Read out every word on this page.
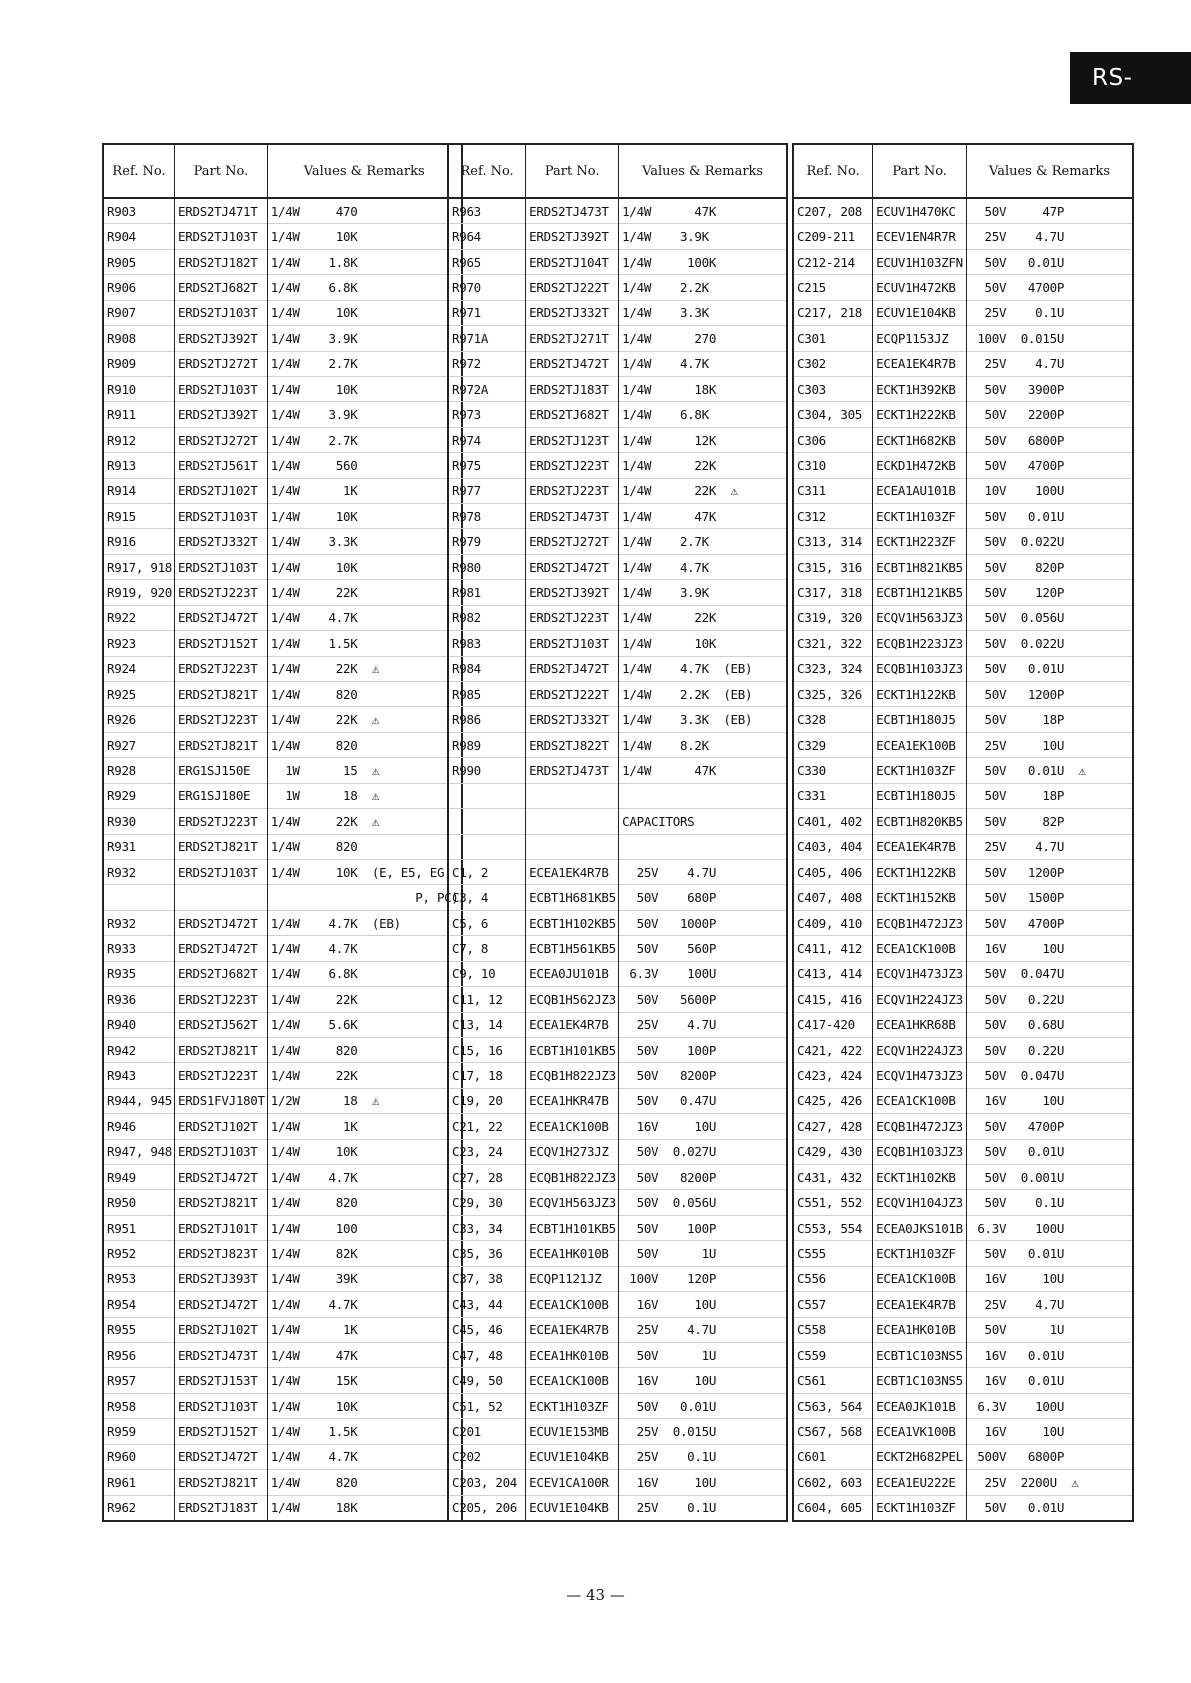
RS-B555
Ref. No.	Part No.	Values & Remarks
R903	ERDS2TJ471T	1/4W     470
R904	ERDS2TJ103T	1/4W     10K
R905	ERDS2TJ182T	1/4W    1.8K
R906	ERDS2TJ682T	1/4W    6.8K
R907	ERDS2TJ103T	1/4W     10K
R908	ERDS2TJ392T	1/4W    3.9K
R909	ERDS2TJ272T	1/4W    2.7K
R910	ERDS2TJ103T	1/4W     10K
R911	ERDS2TJ392T	1/4W    3.9K
R912	ERDS2TJ272T	1/4W    2.7K
R913	ERDS2TJ561T	1/4W     560
R914	ERDS2TJ102T	1/4W      1K
R915	ERDS2TJ103T	1/4W     10K
R916	ERDS2TJ332T	1/4W    3.3K
R917, 918	ERDS2TJ103T	1/4W     10K
R919, 920	ERDS2TJ223T	1/4W     22K
R922	ERDS2TJ472T	1/4W    4.7K
R923	ERDS2TJ152T	1/4W    1.5K
R924	ERDS2TJ223T	1/4W     22K  ⚠
R925	ERDS2TJ821T	1/4W     820
R926	ERDS2TJ223T	1/4W     22K  ⚠
R927	ERDS2TJ821T	1/4W     820
R928	ERG1SJ150E	1W      15  ⚠
R929	ERG1SJ180E	1W      18  ⚠
R930	ERDS2TJ223T	1/4W     22K  ⚠
R931	ERDS2TJ821T	1/4W     820
R932	ERDS2TJ103T	1/4W     10K  (E, E5, EG,
		P, PC)
R932	ERDS2TJ472T	1/4W    4.7K  (EB)
R933	ERDS2TJ472T	1/4W    4.7K
R935	ERDS2TJ682T	1/4W    6.8K
R936	ERDS2TJ223T	1/4W     22K
R940	ERDS2TJ562T	1/4W    5.6K
R942	ERDS2TJ821T	1/4W     820
R943	ERDS2TJ223T	1/4W     22K
R944, 945	ERDS1FVJ180T	1/2W      18  ⚠
R946	ERDS2TJ102T	1/4W      1K
R947, 948	ERDS2TJ103T	1/4W     10K
R949	ERDS2TJ472T	1/4W    4.7K
R950	ERDS2TJ821T	1/4W     820
R951	ERDS2TJ101T	1/4W     100
R952	ERDS2TJ823T	1/4W     82K
R953	ERDS2TJ393T	1/4W     39K
R954	ERDS2TJ472T	1/4W    4.7K
R955	ERDS2TJ102T	1/4W      1K
R956	ERDS2TJ473T	1/4W     47K
R957	ERDS2TJ153T	1/4W     15K
R958	ERDS2TJ103T	1/4W     10K
R959	ERDS2TJ152T	1/4W    1.5K
R960	ERDS2TJ472T	1/4W    4.7K
R961	ERDS2TJ821T	1/4W     820
R962	ERDS2TJ183T	1/4W     18K
Ref. No.	Part No.	Values & Remarks
R963	ERDS2TJ473T	1/4W      47K
R964	ERDS2TJ392T	1/4W    3.9K
R965	ERDS2TJ104T	1/4W     100K
R970	ERDS2TJ222T	1/4W    2.2K
R971	ERDS2TJ332T	1/4W    3.3K
R971A	ERDS2TJ271T	1/4W      270
R972	ERDS2TJ472T	1/4W    4.7K
R972A	ERDS2TJ183T	1/4W      18K
R973	ERDS2TJ682T	1/4W    6.8K
R974	ERDS2TJ123T	1/4W      12K
R975	ERDS2TJ223T	1/4W      22K
R977	ERDS2TJ223T	1/4W      22K  ⚠
R978	ERDS2TJ473T	1/4W      47K
R979	ERDS2TJ272T	1/4W    2.7K
R980	ERDS2TJ472T	1/4W    4.7K
R981	ERDS2TJ392T	1/4W    3.9K
R982	ERDS2TJ223T	1/4W      22K
R983	ERDS2TJ103T	1/4W      10K
R984	ERDS2TJ472T	1/4W    4.7K  (EB)
R985	ERDS2TJ222T	1/4W    2.2K  (EB)
R986	ERDS2TJ332T	1/4W    3.3K  (EB)
R989	ERDS2TJ822T	1/4W    8.2K
R990	ERDS2TJ473T	1/4W      47K

		CAPACITORS

C1, 2	ECEA1EK4R7B	25V    4.7U
C3, 4	ECBT1H681KB5	50V    680P
C5, 6	ECBT1H102KB5	50V   1000P
C7, 8	ECBT1H561KB5	50V    560P
C9, 10	ECEA0JU101B	6.3V    100U
C11, 12	ECQB1H562JZ3	50V   5600P
C13, 14	ECEA1EK4R7B	25V    4.7U
C15, 16	ECBT1H101KB5	50V    100P
C17, 18	ECQB1H822JZ3	50V   8200P
C19, 20	ECEA1HKR47B	50V   0.47U
C21, 22	ECEA1CK100B	16V     10U
C23, 24	ECQV1H273JZ	50V  0.027U
C27, 28	ECQB1H822JZ3	50V   8200P
C29, 30	ECQV1H563JZ3	50V  0.056U
C33, 34	ECBT1H101KB5	50V    100P
C35, 36	ECEA1HK010B	50V      1U
C37, 38	ECQP1121JZ	100V    120P
C43, 44	ECEA1CK100B	16V     10U
C45, 46	ECEA1EK4R7B	25V    4.7U
C47, 48	ECEA1HK010B	50V      1U
C49, 50	ECEA1CK100B	16V     10U
C51, 52	ECKT1H103ZF	50V   0.01U
C201	ECUV1E153MB	25V  0.015U
C202	ECUV1E104KB	25V    0.1U
C203, 204	ECEV1CA100R	16V     10U
C205, 206	ECUV1E104KB	25V    0.1U
Ref. No.	Part No.	Values & Remarks
C207, 208	ECUV1H470KC	50V     47P
C209-211	ECEV1EN4R7R	25V    4.7U
C212-214	ECUV1H103ZFN	50V   0.01U
C215	ECUV1H472KB	50V   4700P
C217, 218	ECUV1E104KB	25V    0.1U
C301	ECQP1153JZ	100V  0.015U
C302	ECEA1EK4R7B	25V    4.7U
C303	ECKT1H392KB	50V   3900P
C304, 305	ECKT1H222KB	50V   2200P
C306	ECKT1H682KB	50V   6800P
C310	ECKD1H472KB	50V   4700P
C311	ECEA1AU101B	10V    100U
C312	ECKT1H103ZF	50V   0.01U
C313, 314	ECKT1H223ZF	50V  0.022U
C315, 316	ECBT1H821KB5	50V    820P
C317, 318	ECBT1H121KB5	50V    120P
C319, 320	ECQV1H563JZ3	50V  0.056U
C321, 322	ECQB1H223JZ3	50V  0.022U
C323, 324	ECQB1H103JZ3	50V   0.01U
C325, 326	ECKT1H122KB	50V   1200P
C328	ECBT1H180J5	50V     18P
C329	ECEA1EK100B	25V     10U
C330	ECKT1H103ZF	50V   0.01U  ⚠
C331	ECBT1H180J5	50V     18P
C401, 402	ECBT1H820KB5	50V     82P
C403, 404	ECEA1EK4R7B	25V    4.7U
C405, 406	ECKT1H122KB	50V   1200P
C407, 408	ECKT1H152KB	50V   1500P
C409, 410	ECQB1H472JZ3	50V   4700P
C411, 412	ECEA1CK100B	16V     10U
C413, 414	ECQV1H473JZ3	50V  0.047U
C415, 416	ECQV1H224JZ3	50V   0.22U
C417-420	ECEA1HKR68B	50V   0.68U
C421, 422	ECQV1H224JZ3	50V   0.22U
C423, 424	ECQV1H473JZ3	50V  0.047U
C425, 426	ECEA1CK100B	16V     10U
C427, 428	ECQB1H472JZ3	50V   4700P
C429, 430	ECQB1H103JZ3	50V   0.01U
C431, 432	ECKT1H102KB	50V  0.001U
C551, 552	ECQV1H104JZ3	50V    0.1U
C553, 554	ECEA0JKS101B	6.3V    100U
C555	ECKT1H103ZF	50V   0.01U
C556	ECEA1CK100B	16V     10U
C557	ECEA1EK4R7B	25V    4.7U
C558	ECEA1HK010B	50V      1U
C559	ECBT1C103NS5	16V   0.01U
C561	ECBT1C103NS5	16V   0.01U
C563, 564	ECEA0JK101B	6.3V    100U
C567, 568	ECEA1VK100B	16V     10U
C601	ECKT2H682PEL	500V   6800P
C602, 603	ECEA1EU222E	25V  2200U  ⚠
C604, 605	ECKT1H103ZF	50V   0.01U
— 43 —
